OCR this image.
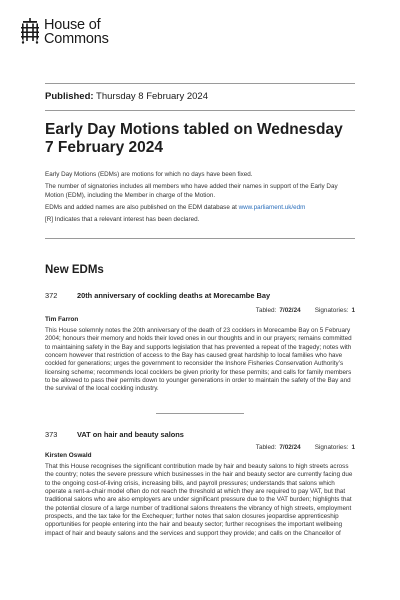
House of
Commons
Published: Thursday 8 February 2024
Early Day Motions tabled on Wednesday 7 February 2024
Early Day Motions (EDMs) are motions for which no days have been fixed.
The number of signatories includes all members who have added their names in support of the Early Day Motion (EDM), including the Member in charge of the Motion.
EDMs and added names are also published on the EDM database at www.parliament.uk/edm
[R] Indicates that a relevant interest has been declared.
New EDMs
372	20th anniversary of cockling deaths at Morecambe Bay
Tabled: 7/02/24 Signatories: 1
Tim Farron
This House solemnly notes the 20th anniversary of the death of 23 cocklers in Morecambe Bay on 5 February 2004; honours their memory and holds their loved ones in our thoughts and in our prayers; remains committed to maintaining safety in the Bay and supports legislation that has prevented a repeat of the tragedy; notes with concern however that restriction of access to the Bay has caused great hardship to local families who have cockled for generations; urges the government to reconsider the Inshore Fisheries Conservation Authority’s licensing scheme; recommends local cocklers be given priority for these permits; and calls for family members to be allowed to pass their permits down to younger generations in order to maintain the safety of the Bay and the survival of the local cockling industry.
373	VAT on hair and beauty salons
Tabled: 7/02/24 Signatories: 1
Kirsten Oswald
That this House recognises the significant contribution made by hair and beauty salons to high streets across the country; notes the severe pressure which businesses in the hair and beauty sector are currently facing due to the ongoing cost-of-living crisis, increasing bills, and payroll pressures; understands that salons which operate a rent-a-chair model often do not reach the threshold at which they are required to pay VAT, but that traditional salons who are also employers are under significant pressure due to the VAT burden; highlights that the potential closure of a large number of traditional salons threatens the vibrancy of high streets, employment prospects, and the tax take for the Exchequer; further notes that salon closures jeopardise apprenticeship opportunities for people entering into the hair and beauty sector; further recognises the important wellbeing impact of hair and beauty salons and the services and support they provide; and calls on the Chancellor of
